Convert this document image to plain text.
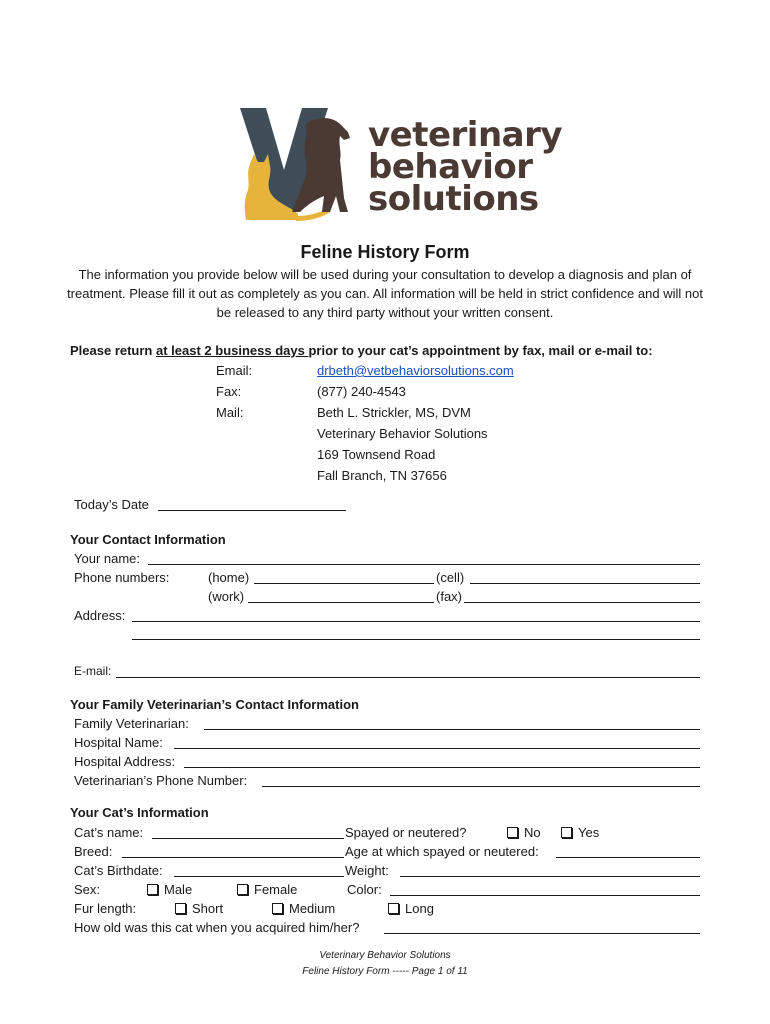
veterinary
behavior
solutions
Feline History Form
The information you provide below will be used during your consultation to develop a diagnosis and plan of treatment. Please fill it out as completely as you can. All information will be held in strict confidence and will not be released to any third party without your written consent.
Please return at least 2 business days prior to your cat’s appointment by fax, mail or e-mail to:
Email:	drbeth@vetbehaviorsolutions.com
Fax:	(877) 240-4543
Mail:	Beth L. Strickler, MS, DVM
Veterinary Behavior Solutions
169 Townsend Road
Fall Branch, TN 37656
Today’s Date
Your Contact Information
Your name:
Phone numbers:	(home)	(cell)
(work)	(fax)
Address:
E-mail:
Your Family Veterinarian’s Contact Information
Family Veterinarian:
Hospital Name:
Hospital Address:
Veterinarian’s Phone Number:
Your Cat’s Information
Cat’s name:	Spayed or neutered?	No	Yes
Breed:	Age at which spayed or neutered:
Cat’s Birthdate:	Weight:
Sex:	Male	Female	Color:
Fur length:	Short	Medium	Long
How old was this cat when you acquired him/her?
Veterinary Behavior Solutions
Feline History Form ----- Page 1 of 11
